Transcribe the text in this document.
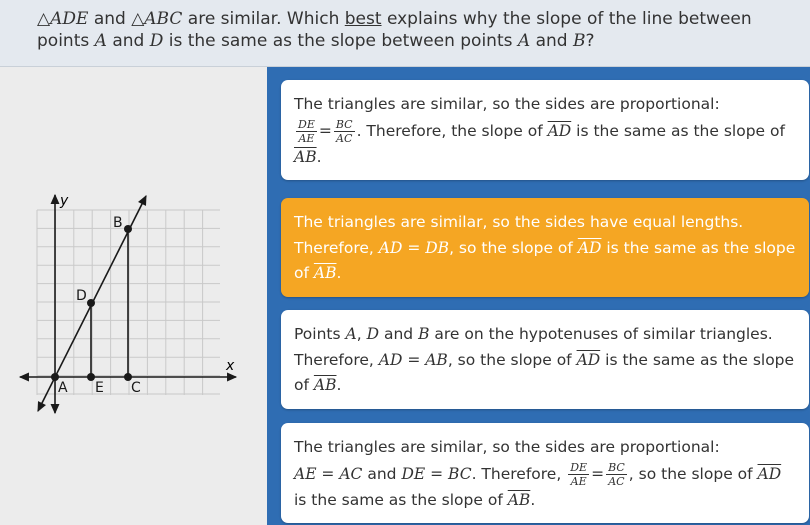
△ADE and △ABC are similar. Which best explains why the slope of the line between points A and D is the same as the slope between points A and B?
x
y
A E C
D
B
The triangles are similar, so the sides are proportional:

$\frac{DE}{AE} = \frac{BC}{AC}$ . Therefore, the slope of $\overline{AD}$ is the same as the slope of $\overline{AB}$.
The triangles are similar, so the sides have equal lengths. Therefore, AD = DB, so the slope of $\overline{AD}$ is the same as the slope of $\overline{AB}$.
Points A, D and B are on the hypotenuses of similar triangles. Therefore, AD = AB, so the slope of $\overline{AD}$ is the same as the slope of $\overline{AB}$.
The triangles are similar, so the sides are proportional:
AE = AC and DE = BC. Therefore, $\frac{DE}{AE} = \frac{BC}{AC}$ , so the slope of $\overline{AD}$ is the same as the slope of $\overline{AB}$.
